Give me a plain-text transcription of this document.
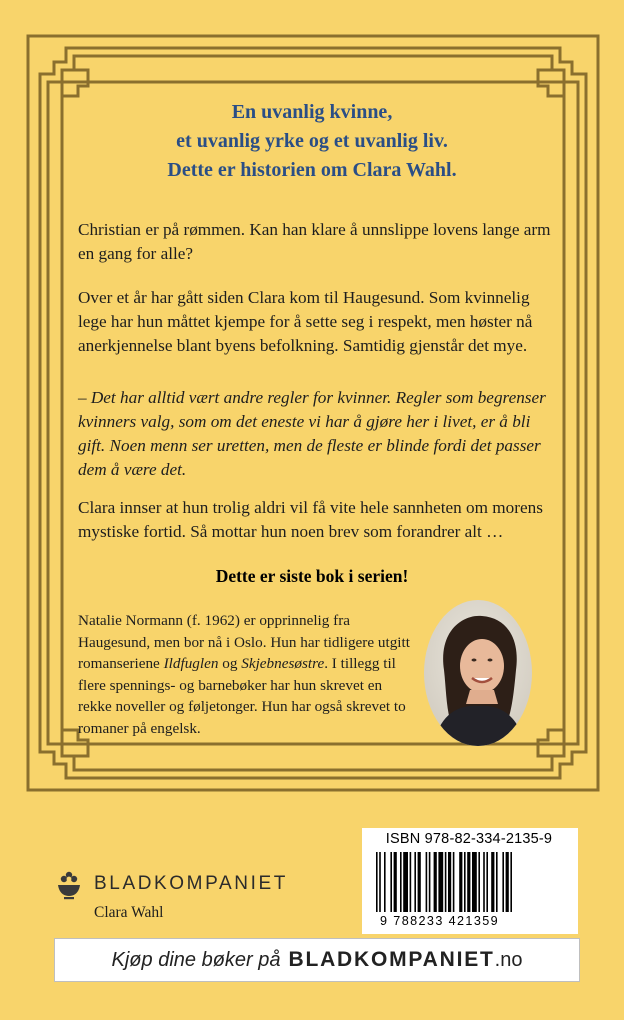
En uvanlig kvinne,
et uvanlig yrke og et uvanlig liv.
Dette er historien om Clara Wahl.

Christian er på rømmen. Kan han klare å unnslippe lovens lange arm en gang for alle?

Over et år har gått siden Clara kom til Haugesund. Som kvinnelig lege har hun måttet kjempe for å sette seg i respekt, men høster nå anerkjennelse blant byens befolkning. Samtidig gjenstår det mye.

– Det har alltid vært andre regler for kvinner. Regler som begrenser kvinners valg, som om det eneste vi har å gjøre her i livet, er å bli gift. Noen menn ser uretten, men de fleste er blinde fordi det passer dem å være det.

Clara innser at hun trolig aldri vil få vite hele sannheten om morens mystiske fortid. Så mottar hun noen brev som forandrer alt …

Dette er siste bok i serien!
Natalie Normann (f. 1962) er opprinnelig fra Haugesund, men bor nå i Oslo. Hun har tidligere utgitt romanseriene Ildfuglen og Skjebnesøstre. I tillegg til flere spennings- og barnebøker har hun skrevet en rekke noveller og føljetonger. Hun har også skrevet to romaner på engelsk.
ISBN 978-82-334-2135-9
9 788233 421359
BLADKOMPANIET
Clara Wahl
Kjøp dine bøker på BLADKOMPANIET .no
